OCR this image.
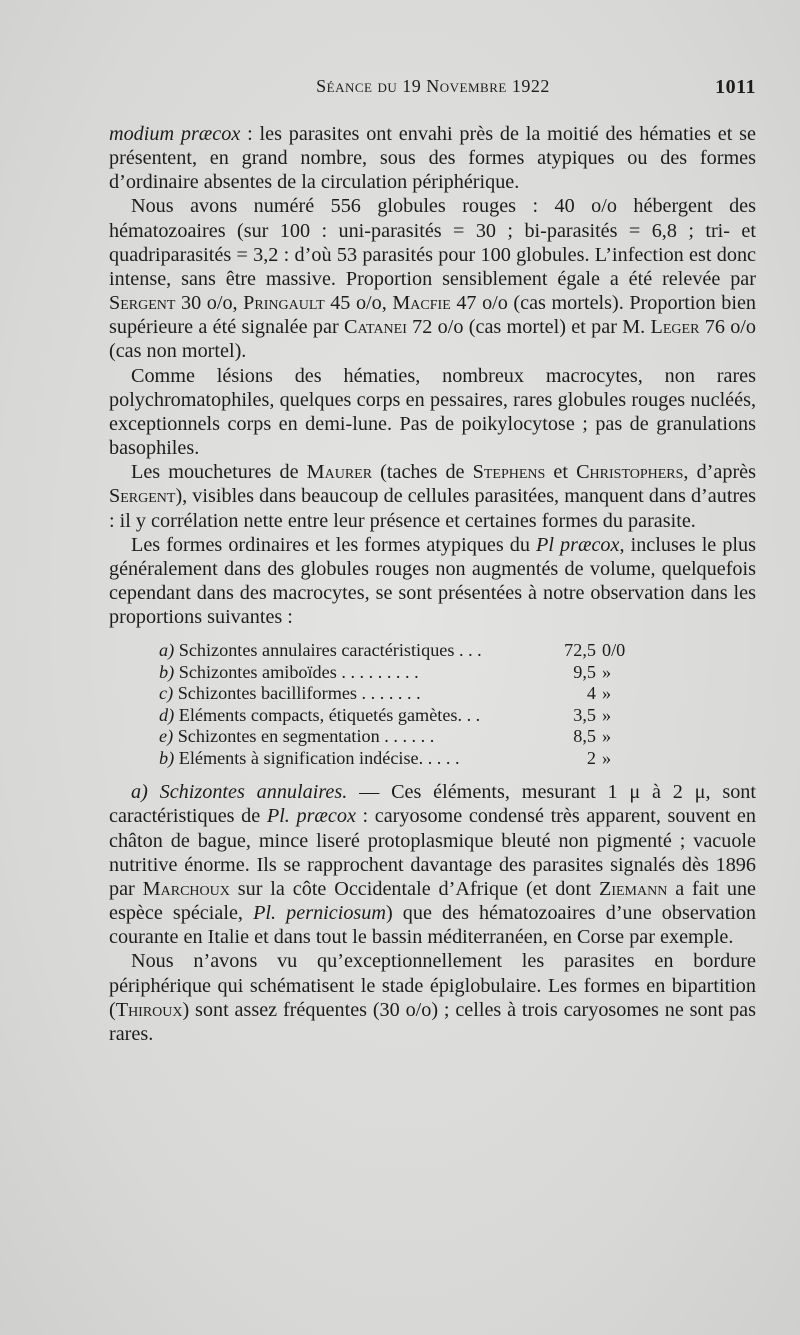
Séance du 19 Novembre 1922	1011

modium præcox : les parasites ont envahi près de la moitié des hématies et se présentent, en grand nombre, sous des formes atypiques ou des formes d’ordinaire absentes de la circulation périphérique.

Nous avons numéré 556 globules rouges : 40 o/o hébergent des hématozoaires (sur 100 : uni-parasités = 30 ; bi-parasités = 6,8 ; tri- et quadriparasités = 3,2 : d’où 53 parasités pour 100 globules. L’infection est donc intense, sans être massive. Proportion sensiblement égale a été relevée par Sergent 30 o/o, Pringault 45 o/o, Macfie 47 o/o (cas mortels). Proportion bien supérieure a été signalée par Catanei 72 o/o (cas mortel) et par M. Leger 76 o/o (cas non mortel).

Comme lésions des hématies, nombreux macrocytes, non rares polychromatophiles, quelques corps en pessaires, rares globules rouges nucléés, exceptionnels corps en demi-lune. Pas de poikylocytose ; pas de granulations basophiles.

Les mouchetures de Maurer (taches de Stephens et Christophers, d’après Sergent), visibles dans beaucoup de cellules parasitées, manquent dans d’autres : il y corrélation nette entre leur présence et certaines formes du parasite.

Les formes ordinaires et les formes atypiques du Pl præcox, incluses le plus généralement dans des globules rouges non augmentés de volume, quelquefois cependant dans des macrocytes, se sont présentées à notre observation dans les proportions suivantes :

a) Schizontes annulaires caractéristiques . . .	72,5	0/0
b) Schizontes amiboïdes . . . . . . . . .	9,5	»
c) Schizontes bacilliformes . . . . . . .	4	»
d) Eléments compacts, étiquetés gamètes. . .	3,5	»
e) Schizontes en segmentation . . . . . .	8,5	»
b) Eléments à signification indécise. . . . .	2	»

a) Schizontes annulaires. — Ces éléments, mesurant 1 μ à 2 μ, sont caractéristiques de Pl. præcox : caryosome condensé très apparent, souvent en châton de bague, mince liseré protoplasmique bleuté non pigmenté ; vacuole nutritive énorme. Ils se rapprochent davantage des parasites signalés dès 1896 par Marchoux sur la côte Occidentale d’Afrique (et dont Ziemann a fait une espèce spéciale, Pl. perniciosum) que des hématozoaires d’une observation courante en Italie et dans tout le bassin méditerranéen, en Corse par exemple.

Nous n’avons vu qu’exceptionnellement les parasites en bordure périphérique qui schématisent le stade épiglobulaire. Les formes en bipartition (Thiroux) sont assez fréquentes (30 o/o) ; celles à trois caryosomes ne sont pas rares.
